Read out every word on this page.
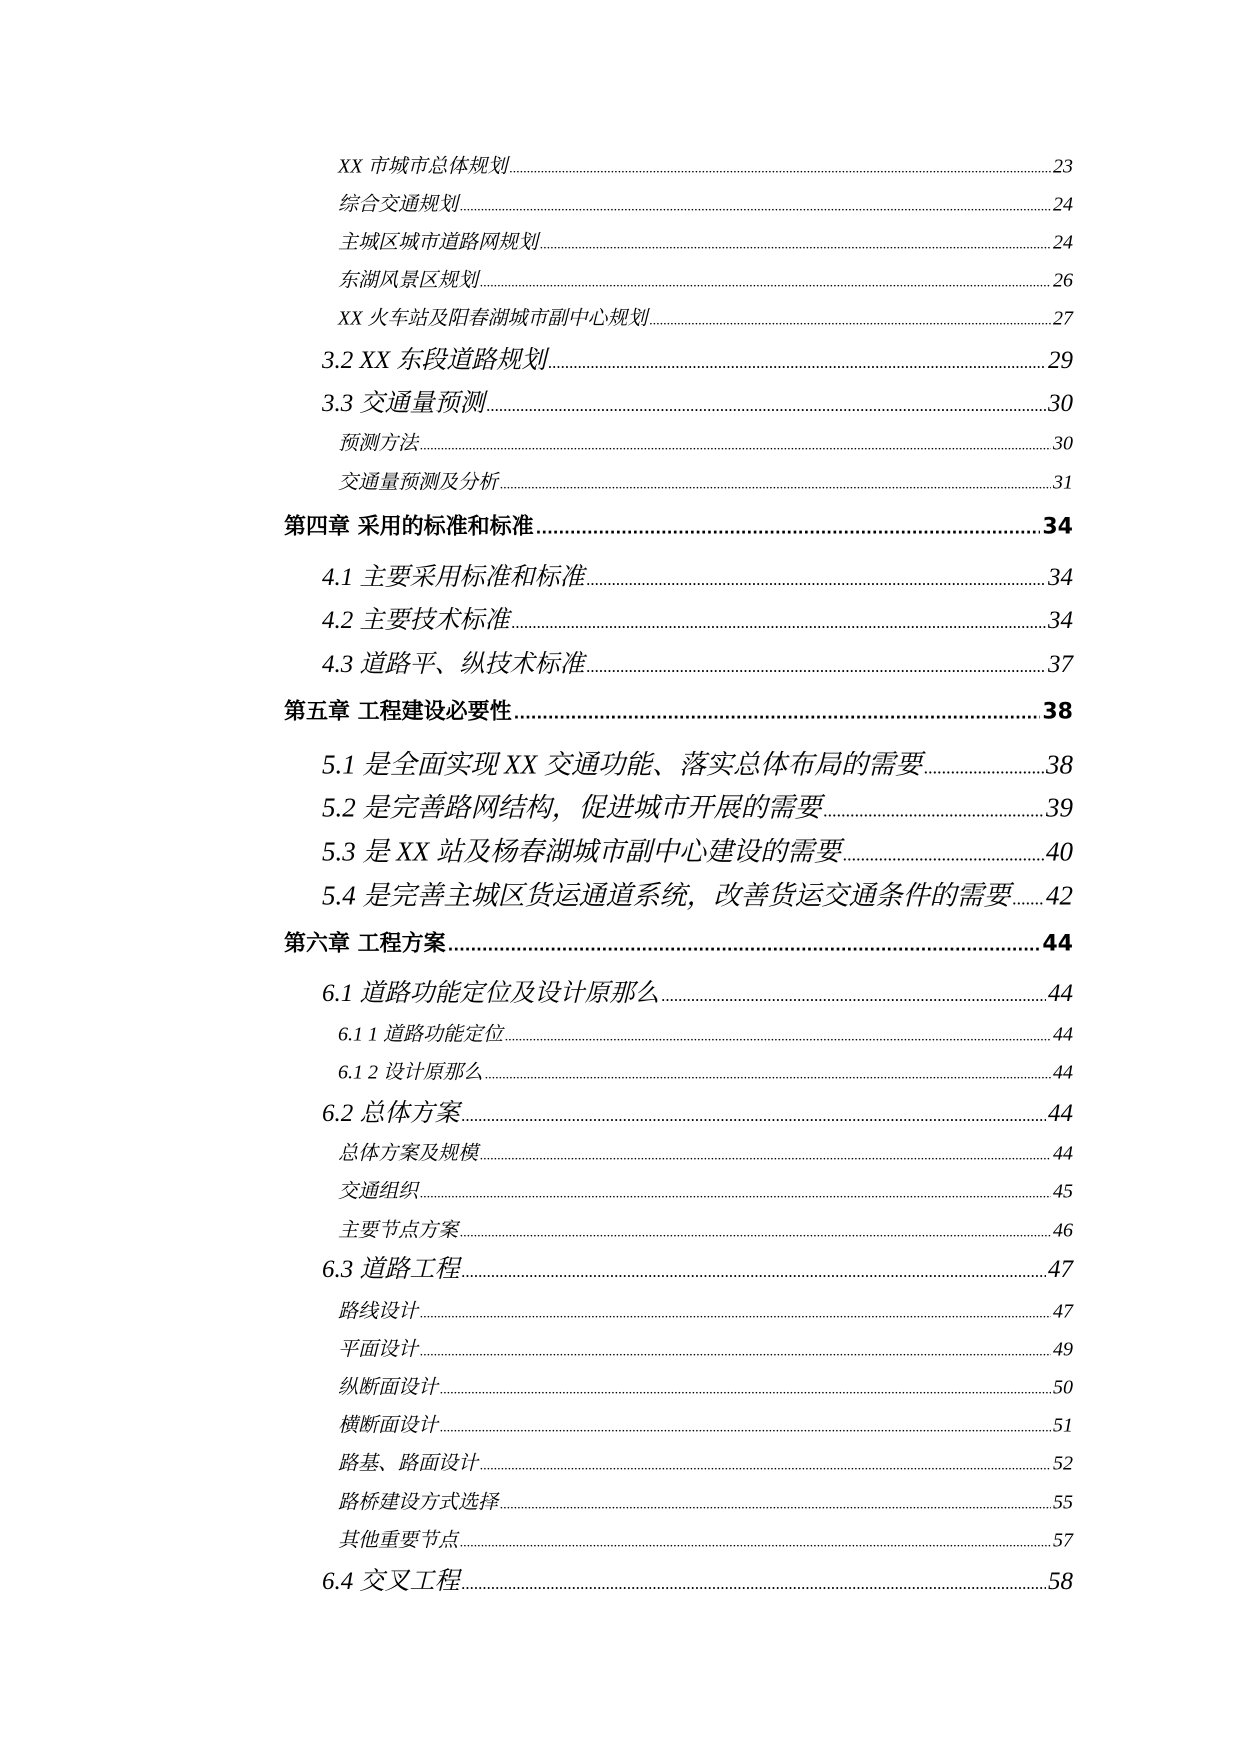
XX 市城市总体规划 .....	23
综合交通规划 .....	24
主城区城市道路网规划 .....	24
东湖风景区规划 .....	26
XX 火车站及阳春湖城市副中心规划 .....	27
3.2 XX 东段道路规划 .....	29
3.3 交通量预测 .....	30
预测方法 .....	30
交通量预测及分析 .....	31
第四章 采用的标准和标准 .....	34
4.1 主要采用标准和标准 .....	34
4.2 主要技术标准 .....	34
4.3 道路平、纵技术标准 .....	37
第五章 工程建设必要性 .....	38
5.1 是全面实现 XX 交通功能、落实总体布局的需要 .....	38
5.2 是完善路网结构，促进城市开展的需要 .....	39
5.3 是 XX 站及杨春湖城市副中心建设的需要 .....	40
5.4 是完善主城区货运通道系统，改善货运交通条件的需要 ..... 42
第六章 工程方案 .....	44
6.1 道路功能定位及设计原那么 .....	44
6.1 1 道路功能定位 .....	44
6.1 2 设计原那么 .....	44
6.2 总体方案 .....	44
总体方案及规模 .....	44
交通组织 .....	45
主要节点方案 .....	46
6.3 道路工程 .....	47
路线设计 .....	47
平面设计 .....	49
纵断面设计 .....	50
横断面设计 .....	51
路基、路面设计 .....	52
路桥建设方式选择 .....	55
其他重要节点 .....	57
6.4 交叉工程 .....	58
